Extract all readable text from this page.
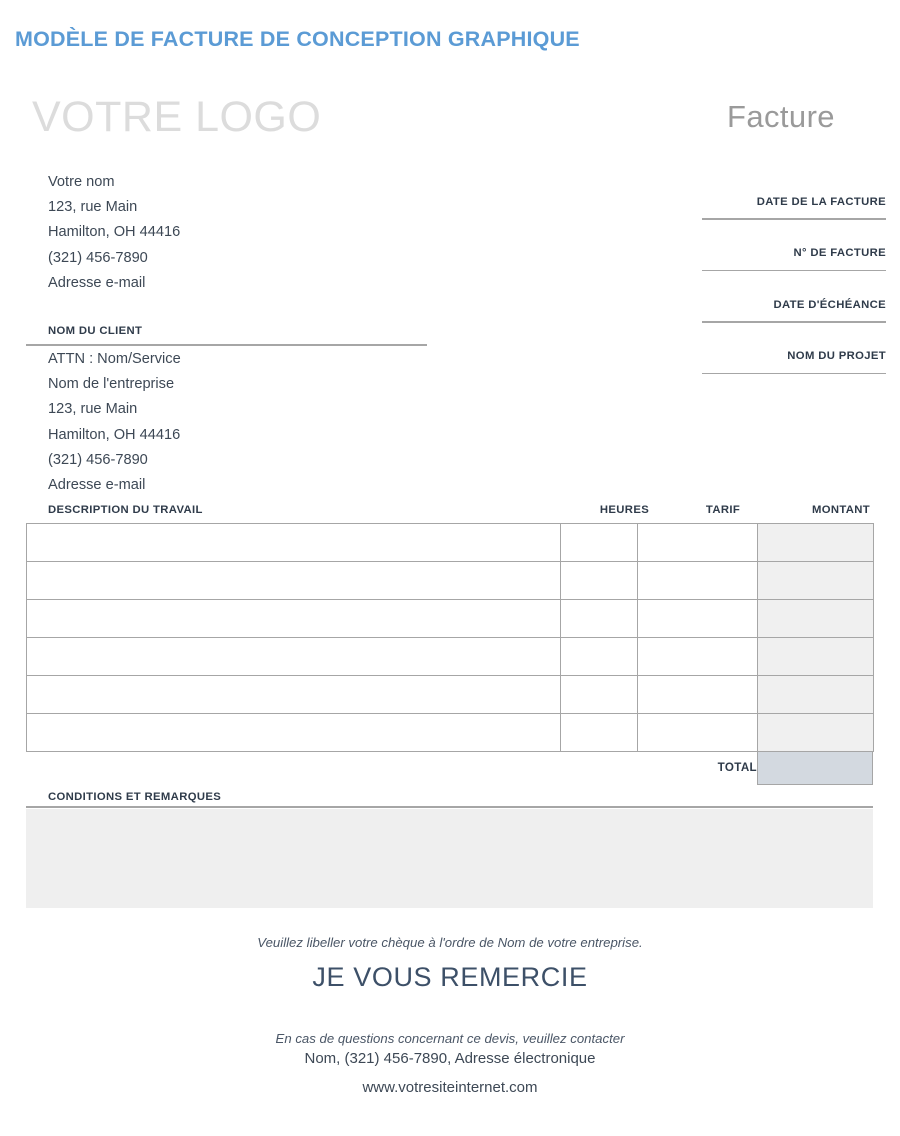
MODÈLE DE FACTURE DE CONCEPTION GRAPHIQUE
VOTRE LOGO	Facture
Votre nom
123, rue Main
Hamilton, OH 44416
(321) 456-7890
Adresse e-mail
DATE DE LA FACTURE
N° DE FACTURE
DATE D'ÉCHÉANCE
NOM DU PROJET
NOM DU CLIENT
ATTN : Nom/Service
Nom de l'entreprise
123, rue Main
Hamilton, OH 44416
(321) 456-7890
Adresse e-mail
DESCRIPTION DU TRAVAIL	HEURES	TARIF	MONTANT

TOTAL
CONDITIONS ET REMARQUES
Veuillez libeller votre chèque à l'ordre de Nom de votre entreprise.
JE VOUS REMERCIE
En cas de questions concernant ce devis, veuillez contacter
Nom, (321) 456-7890, Adresse électronique
www.votresiteinternet.com
